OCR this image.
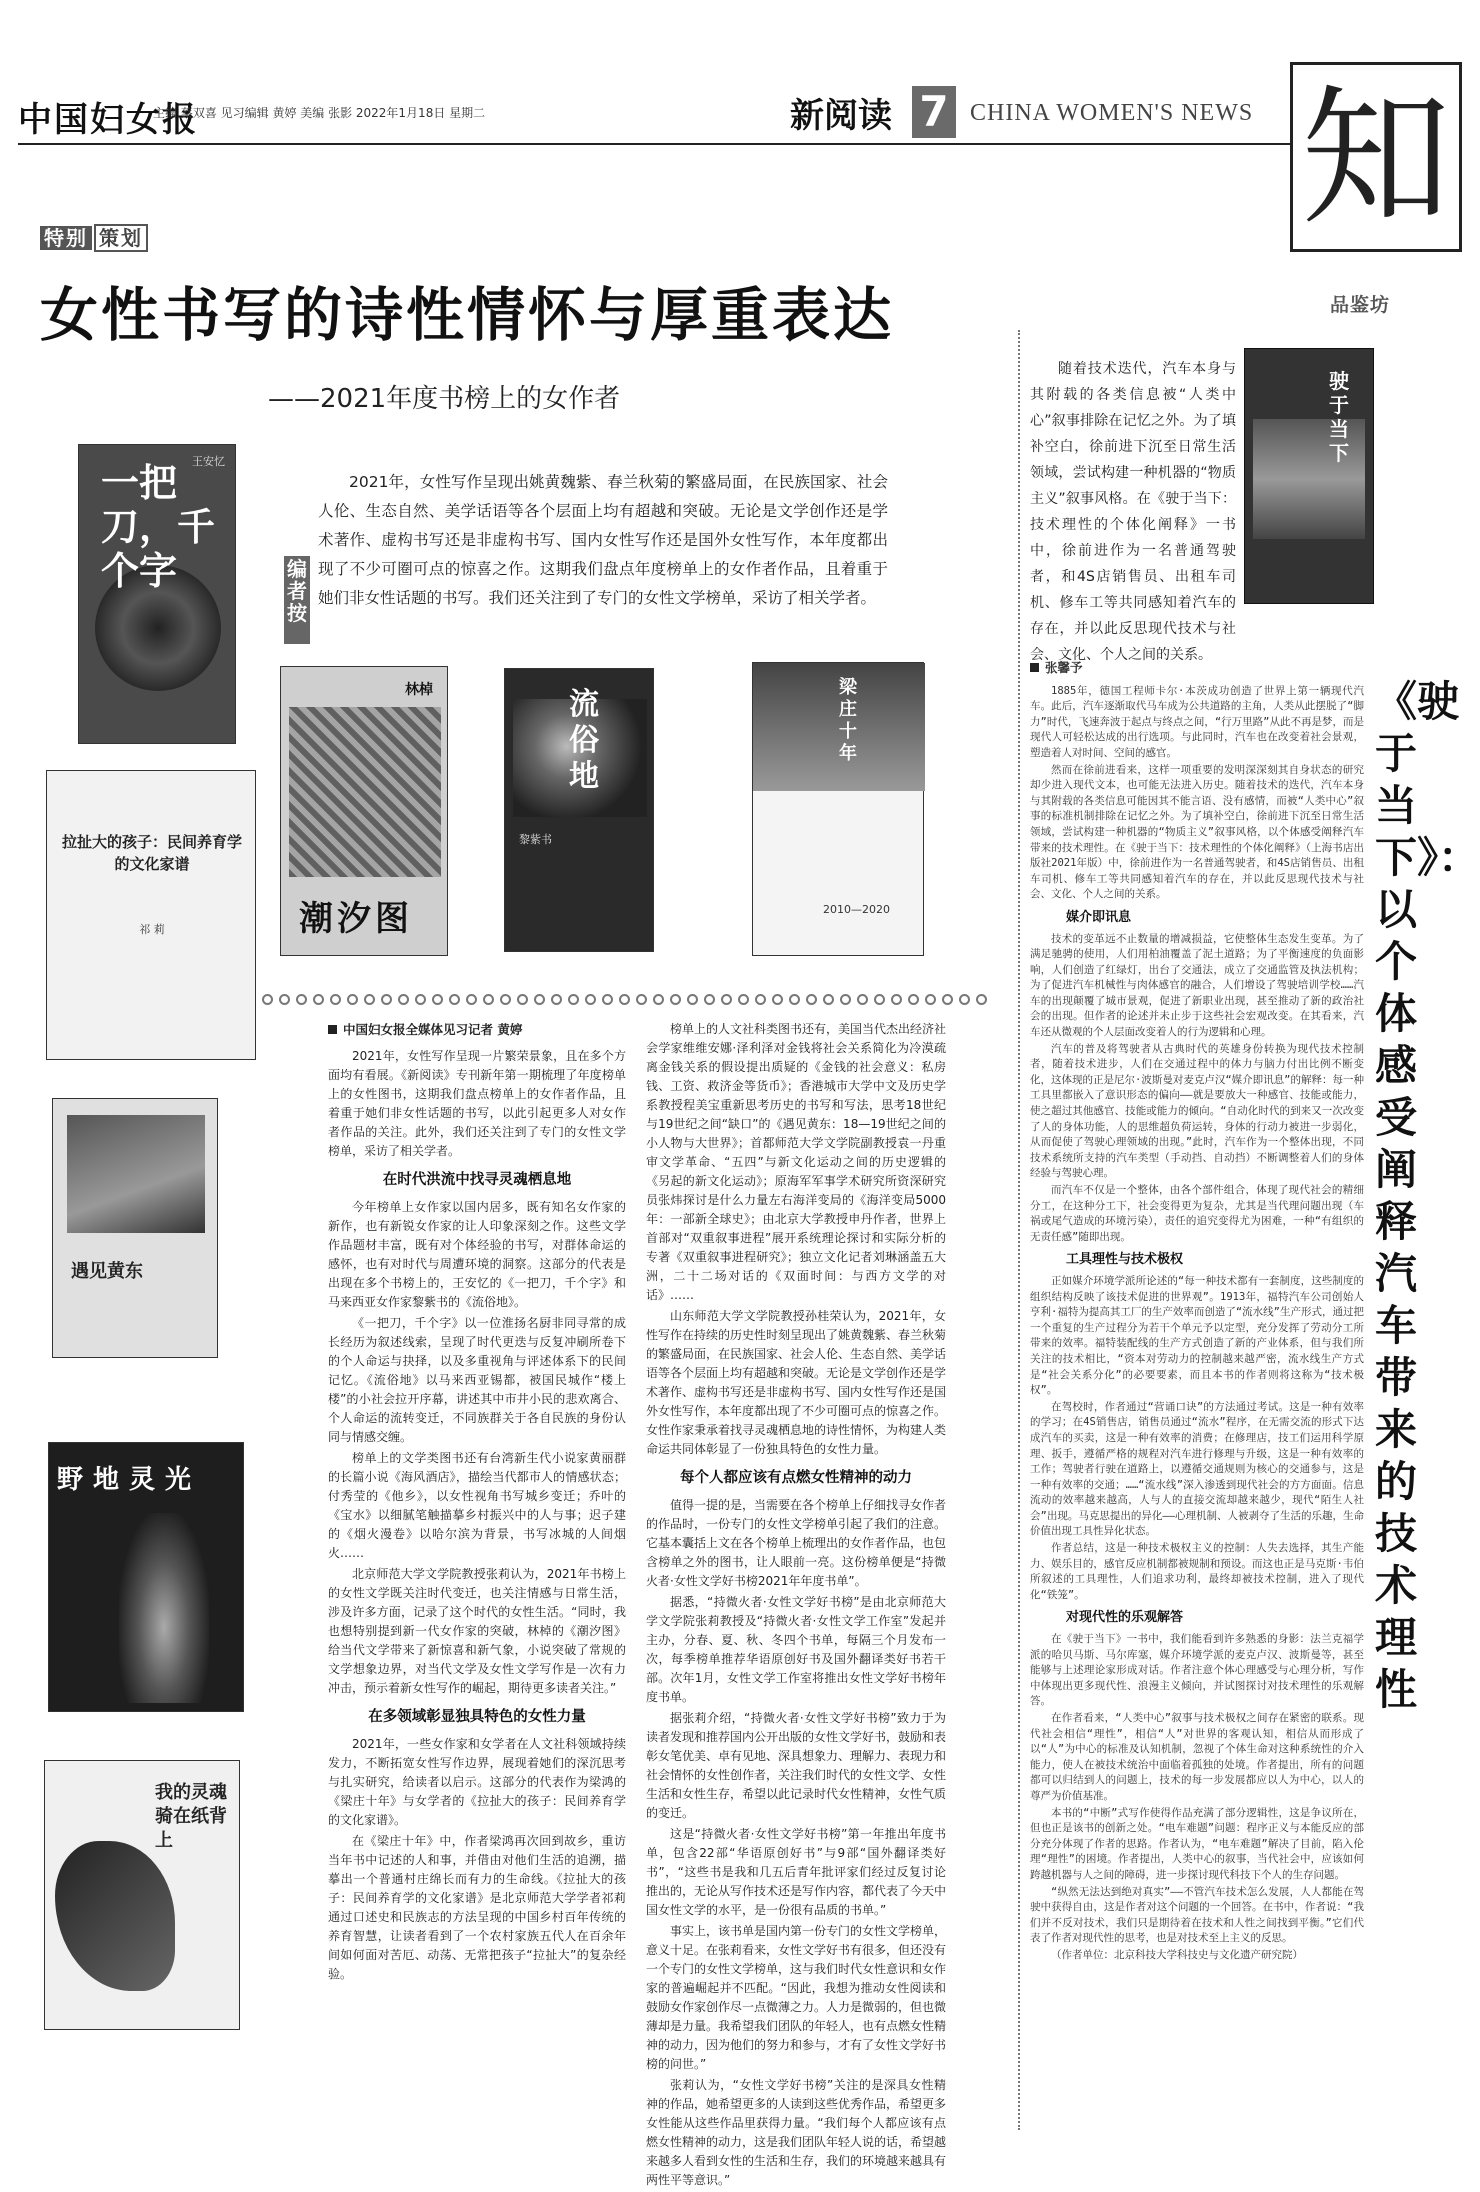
中国妇女报
主编 蔡双喜 见习编辑 黄婷 美编 张影 2022年1月18日 星期二	新阅读 7 CHINA WOMEN'S NEWS 知
特别 策划
女性书写的诗性情怀与厚重表达
——2021年度书榜上的女作者
编者按
2021年，女性写作呈现出姚黄魏紫、春兰秋菊的繁盛局面，在民族国家、社会人伦、生态自然、美学话语等各个层面上均有超越和突破。无论是文学创作还是学术著作、虚构书写还是非虚构书写、国内女性写作还是国外女性写作，本年度都出现了不少可圈可点的惊喜之作。这期我们盘点年度榜单上的女作者作品，且着重于她们非女性话题的书写。我们还关注到了专门的女性文学榜单，采访了相关学者。
一把刀，千个字
王安忆
拉扯大的孩子：民间养育学的文化家谱
祁 莉
遇见黄东
野地灵光
我的灵魂骑在纸背上
潮汐图
林棹	流俗地
黎紫书
梁庄十年
2010—2020
中国妇女报全媒体见习记者 黄婷

2021年，女性写作呈现一片繁荣景象，且在多个方面均有看展。《新阅读》专刊新年第一期梳理了年度榜单上的女性图书，这期我们盘点榜单上的女作者作品，且着重于她们非女性话题的书写，以此引起更多人对女作者作品的关注。此外，我们还关注到了专门的女性文学榜单，采访了相关学者。

在时代洪流中找寻灵魂栖息地

今年榜单上女作家以国内居多，既有知名女作家的新作，也有新锐女作家的让人印象深刻之作。这些文学作品题材丰富，既有对个体经验的书写，对群体命运的感怀，也有对时代与周遭环境的洞察。这部分的代表是出现在多个书榜上的，王安忆的《一把刀，千个字》和马来西亚女作家黎紫书的《流俗地》。

《一把刀，千个字》以一位淮扬名厨非同寻常的成长经历为叙述线索，呈现了时代更迭与反复冲刷所卷下的个人命运与抉择，以及多重视角与评述体系下的民间记忆。《流俗地》以马来西亚锡都，被国民城作“楼上楼”的小社会拉开序幕，讲述其中市井小民的悲欢离合、个人命运的流转变迁，不同族群关于各自民族的身份认同与情感交缠。

榜单上的文学类图书还有台湾新生代小说家黄丽群的长篇小说《海风酒店》，描绘当代都市人的情感状态；付秀莹的《他乡》，以女性视角书写城乡变迁；乔叶的《宝水》以细腻笔触描摹乡村振兴中的人与事；迟子建的《烟火漫卷》以哈尔滨为背景，书写冰城的人间烟火……

北京师范大学文学院教授张莉认为，2021年书榜上的女性文学既关注时代变迁，也关注情感与日常生活，涉及许多方面，记录了这个时代的女性生活。“同时，我也想特别提到新一代女作家的突破，林棹的《潮汐图》给当代文学带来了新惊喜和新气象，小说突破了常规的文学想象边界，对当代文学及女性文学写作是一次有力冲击，预示着新女性写作的崛起，期待更多读者关注。”

在多领域彰显独具特色的女性力量

2021年，一些女作家和女学者在人文社科领域持续发力，不断拓宽女性写作边界，展现着她们的深沉思考与扎实研究，给读者以启示。这部分的代表作为梁鸿的《梁庄十年》与女学者的《拉扯大的孩子：民间养育学的文化家谱》。

在《梁庄十年》中，作者梁鸿再次回到故乡，重访当年书中记述的人和事，并借由对他们生活的追溯，描摹出一个普通村庄绵长而有力的生命线。《拉扯大的孩子：民间养育学的文化家谱》是北京师范大学学者祁莉通过口述史和民族志的方法呈现的中国乡村百年传统的养育智慧，让读者看到了一个农村家族五代人在百余年间如何面对苦厄、动荡、无常把孩子“拉扯大”的复杂经验。

榜单上的人文社科类图书还有，美国当代杰出经济社会学家维维安娜·泽利泽对金钱将社会关系简化为冷漠疏离金钱关系的假设提出质疑的《金钱的社会意义：私房钱、工资、救济金等货币》；香港城市大学中文及历史学系教授程美宝重新思考历史的书写和写法，思考18世纪与19世纪之间“缺口”的《遇见黄东：18—19世纪之间的小人物与大世界》；首都师范大学文学院副教授袁一丹重审文学革命、“五四”与新文化运动之间的历史逻辑的《另起的新文化运动》；原海军军事学术研究所资深研究员张炜探讨是什么力量左右海洋变局的《海洋变局5000年：一部新全球史》；由北京大学教授申丹作者，世界上首部对“双重叙事进程”展开系统理论探讨和实际分析的专著《双重叙事进程研究》；独立文化记者刘琳涵盖五大洲，二十二场对话的《双面时间：与西方文学的对话》……

山东师范大学文学院教授孙桂荣认为，2021年，女性写作在持续的历史性时刻呈现出了姚黄魏紫、春兰秋菊的繁盛局面，在民族国家、社会人伦、生态自然、美学话语等各个层面上均有超越和突破。无论是文学创作还是学术著作、虚构书写还是非虚构书写、国内女性写作还是国外女性写作，本年度都出现了不少可圈可点的惊喜之作。女性作家秉承着找寻灵魂栖息地的诗性情怀，为构建人类命运共同体彰显了一份独具特色的女性力量。

每个人都应该有点燃女性精神的动力

值得一提的是，当需要在各个榜单上仔细找寻女作者的作品时，一份专门的女性文学榜单引起了我们的注意。它基本囊括上文在各个榜单上梳理出的女作者作品，也包含榜单之外的图书，让人眼前一亮。这份榜单便是“持微火者·女性文学好书榜2021年年度书单”。

据悉，“持微火者·女性文学好书榜”是由北京师范大学文学院张莉教授及“持微火者·女性文学工作室”发起并主办，分春、夏、秋、冬四个书单，每隔三个月发布一次，每季榜单推荐华语原创好书及国外翻译类好书若干部。次年1月，女性文学工作室将推出女性文学好书榜年度书单。

据张莉介绍，“持微火者·女性文学好书榜”致力于为读者发现和推荐国内公开出版的女性文学好书，鼓励和表彰女笔优美、卓有见地、深具想象力、理解力、表现力和社会情怀的女性创作者，关注我们时代的女性文学、女性生活和女性生存，希望以此记录时代女性精神，女性气质的变迁。

这是“持微火者·女性文学好书榜”第一年推出年度书单，包含22部“华语原创好书”与9部“国外翻译类好书”，“这些书是我和几五后青年批评家们经过反复讨论推出的，无论从写作技术还是写作内容，都代表了今天中国女性文学的水平，是一份很有品质的书单。”

事实上，该书单是国内第一份专门的女性文学榜单，意义十足。在张莉看来，女性文学好书有很多，但还没有一个专门的女性文学榜单，这与我们时代女性意识和女作家的普遍崛起并不匹配。“因此，我想为推动女性阅读和鼓励女作家创作尽一点微薄之力。人力是微弱的，但也微薄却是力量。我希望我们团队的年轻人，也有点燃女性精神的动力，因为他们的努力和参与，才有了女性文学好书榜的问世。”

张莉认为，“女性文学好书榜”关注的是深具女性精神的作品，她希望更多的人读到这些优秀作品，希望更多女性能从这些作品里获得力量。“我们每个人都应该有点燃女性精神的动力，这是我们团队年轻人说的话，希望越来越多人看到女性的生活和生存，我们的环境越来越具有两性平等意识。”

品鉴坊
随着技术迭代，汽车本身与其附载的各类信息被“人类中心”叙事排除在记忆之外。为了填补空白，徐前进下沉至日常生活领域，尝试构建一种机器的“物质主义”叙事风格。在《驶于当下：技术理性的个体化阐释》一书中，徐前进作为一名普通驾驶者，和4S店销售员、出租车司机、修车工等共同感知着汽车的存在，并以此反思现代技术与社会、文化、个人之间的关系。
驶于当下
《驶于当下》：以个体感受阐释汽车带来的技术理性
张馨予

1885年，德国工程师卡尔·本茨成功创造了世界上第一辆现代汽车。此后，汽车逐渐取代马车成为公共道路的主角，人类从此摆脱了“脚力”时代，飞速奔波于起点与终点之间，“行万里路”从此不再是梦，而是现代人可轻松达成的出行选项。与此同时，汽车也在改变着社会景观，塑造着人对时间、空间的感官。

然而在徐前进看来，这样一项重要的发明深深刻其自身状态的研究却少进入现代文本，也可能无法进入历史。随着技术的迭代，汽车本身与其附载的各类信息可能因其不能言语、没有感情，而被“人类中心”叙事的标准机制排除在记忆之外。为了填补空白，徐前进下沉至日常生活领域，尝试构建一种机器的“物质主义”叙事风格，以个体感受阐释汽车带来的技术理性。在《驶于当下：技术理性的个体化阐释》（上海书店出版社2021年版）中，徐前进作为一名普通驾驶者，和4S店销售员、出租车司机、修车工等共同感知着汽车的存在，并以此反思现代技术与社会、文化、个人之间的关系。

媒介即讯息

技术的变革远不止数量的增减损益，它使整体生态发生变革。为了满足驰骋的使用，人们用柏油覆盖了泥土道路；为了平衡速度的负面影响，人们创造了红绿灯，出台了交通法，成立了交通监管及执法机构；为了促进汽车机械性与肉体感官的融合，人们增设了驾驶培训学校……汽车的出现颠覆了城市景观，促进了新职业出现，甚至推动了新的政治社会的出现。但作者的论述并未止步于这些社会宏观改变。在其看来，汽车还从微观的个人层面改变着人的行为逻辑和心理。

汽车的普及将驾驶者从古典时代的英雄身份转换为现代技术控制者，随着技术进步，人们在交通过程中的体力与脑力付出比例不断变化，这体现的正是尼尔·波斯曼对麦克卢汉“媒介即讯息”的解释：每一种工具里都嵌入了意识形态的偏向——就是要放大一种感官、技能或能力，使之超过其他感官、技能或能力的倾向。“自动化时代的到来又一次改变了人的身体功能，人的思维超负荷运转，身体的行动力被进一步弱化，从而促使了驾驶心理领域的出现。”此时，汽车作为一个整体出现，不同技术系统所支持的汽车类型（手动挡、自动挡）不断调整着人们的身体经验与驾驶心理。

而汽车不仅是一个整体，由各个部件组合，体现了现代社会的精细分工，在这种分工下，社会变得更为复杂，尤其是当代理问题出现（车祸或尾气造成的环境污染），责任的追究变得尤为困难，一种“有组织的无责任感”随即出现。

工具理性与技术极权

正如媒介环境学派所论述的“每一种技术都有一套制度，这些制度的组织结构反映了该技术促进的世界观”。1913年，福特汽车公司创始人亨利·福特为提高其工厂的生产效率而创造了“流水线”生产形式，通过把一个重复的生产过程分为若干个单元予以定型，充分发挥了劳动分工所带来的效率。福特装配线的生产方式创造了新的产业体系，但与我们所关注的技术相比，“资本对劳动力的控制越来越严密，流水线生产方式是“社会关系分化”的必要要素，而且本书的作者则将这称为“技术极权”。

在驾校时，作者通过“营诵口诀”的方法通过考试。这是一种有效率的学习；在4S销售店，销售员通过“流水”程序，在无需交流的形式下达成汽车的买卖，这是一种有效率的消费；在修理店，技工们运用科学原理、扳手，遵循严格的规程对汽车进行修理与升级，这是一种有效率的工作；驾驶者行驶在道路上，以遵循交通规则为核心的交通参与，这是一种有效率的交通；……“流水线”深入渗透到现代社会的方方面面。信息流动的效率越来越高，人与人的直接交流却越来越少，现代“陌生人社会”出现。马克思提出的异化——心理机制、人被剥夺了生活的乐趣，生命价值出现工具性异化状态。

作者总结，这是一种技术极权主义的控制：人失去选择，其生产能力、娱乐目的，感官反应机制都被规制和预设。而这也正是马克斯·韦伯所叙述的工具理性，人们追求功利，最终却被技术控制，进入了现代化“铁笼”。

对现代性的乐观解答

在《驶于当下》一书中，我们能看到许多熟悉的身影：法兰克福学派的哈贝马斯、马尔库塞，媒介环境学派的麦克卢汉、波斯曼等，甚至能够与上述理论家形成对话。作者注意个体心理感受与心理分析，写作中体现出更多现代性、浪漫主义倾向，并试图探讨对技术理性的乐观解答。

在作者看来，“人类中心”叙事与技术极权之间存在紧密的联系。现代社会相信“理性”，相信“人”对世界的客观认知，相信从而形成了以“人”为中心的标准及认知机制，忽视了个体生命对这种系统性的介入能力，使人在被技术统治中面临着孤独的处境。作者提出，所有的问题都可以归结到人的问题上，技术的每一步发展都应以人为中心，以人的尊严为价值基准。

本书的“中断”式写作使得作品充满了部分逻辑性，这是争议所在，但也正是该书的创新之处。“电车难题”问题：程序正义与本能反应的部分充分体现了作者的思路。作者认为，“电车难题”解决了目前，陷入伦理“理性”的困境。作者提出，人类中心的叙事，当代社会中，应该如何跨越机器与人之间的障碍，进一步探讨现代科技下个人的生存问题。

“纵然无法达到绝对真实”——不管汽车技术怎么发展，人人都能在驾驶中获得自由，这是作者对这个问题的一个回答。在书中，作者说：“我们并不反对技术，我们只是期待着在技术和人性之间找到平衡。”它们代表了作者对现代性的思考，也是对技术至上主义的反思。

（作者单位：北京科技大学科技史与文化遗产研究院）
